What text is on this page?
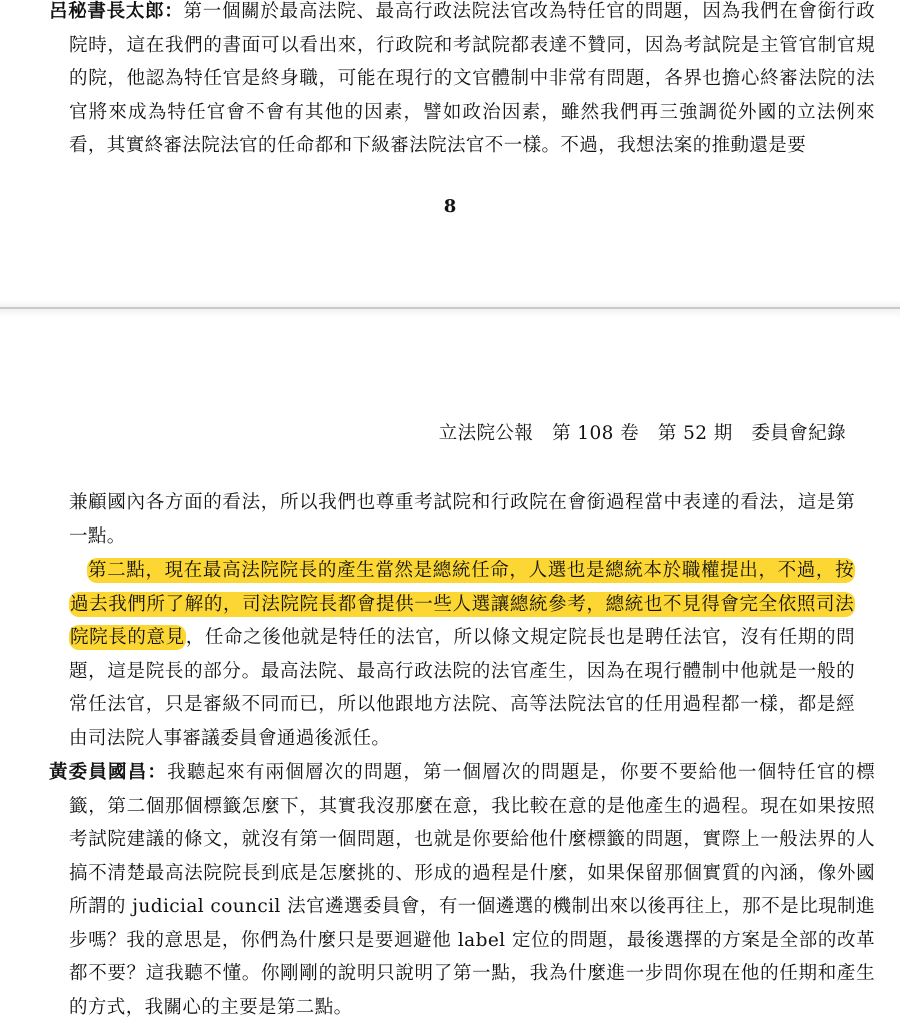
呂秘書長太郎：第一個關於最高法院、最高行政法院法官改為特任官的問題，因為我們在會銜行政院時，這在我們的書面可以看出來，行政院和考試院都表達不贊同，因為考試院是主管官制官規的院，他認為特任官是終身職，可能在現行的文官體制中非常有問題，各界也擔心終審法院的法官將來成為特任官會不會有其他的因素，譬如政治因素，雖然我們再三強調從外國的立法例來看，其實終審法院法官的任命都和下級審法院法官不一樣。不過，我想法案的推動還是要

8
立法院公報　第 108 卷　第 52 期　委員會紀錄

兼顧國內各方面的看法，所以我們也尊重考試院和行政院在會銜過程當中表達的看法，這是第一點。

第二點，現在最高法院院長的產生當然是總統任命，人選也是總統本於職權提出，不過，按過去我們所了解的，司法院院長都會提供一些人選讓總統參考，總統也不見得會完全依照司法院院長的意見，任命之後他就是特任的法官，所以條文規定院長也是聘任法官，沒有任期的問題，這是院長的部分。最高法院、最高行政法院的法官產生，因為在現行體制中他就是一般的常任法官，只是審級不同而已，所以他跟地方法院、高等法院法官的任用過程都一樣，都是經由司法院人事審議委員會通過後派任。

黃委員國昌：我聽起來有兩個層次的問題，第一個層次的問題是，你要不要給他一個特任官的標籤，第二個那個標籤怎麼下，其實我沒那麼在意，我比較在意的是他產生的過程。現在如果按照考試院建議的條文，就沒有第一個問題，也就是你要給他什麼標籤的問題，實際上一般法界的人搞不清楚最高法院院長到底是怎麼挑的、形成的過程是什麼，如果保留那個實質的內涵，像外國所謂的 judicial council 法官遴選委員會，有一個遴選的機制出來以後再往上，那不是比現制進步嗎？我的意思是，你們為什麼只是要迴避他 label 定位的問題，最後選擇的方案是全部的改革都不要？這我聽不懂。你剛剛的說明只說明了第一點，我為什麼進一步問你現在他的任期和產生的方式，我關心的主要是第二點。
